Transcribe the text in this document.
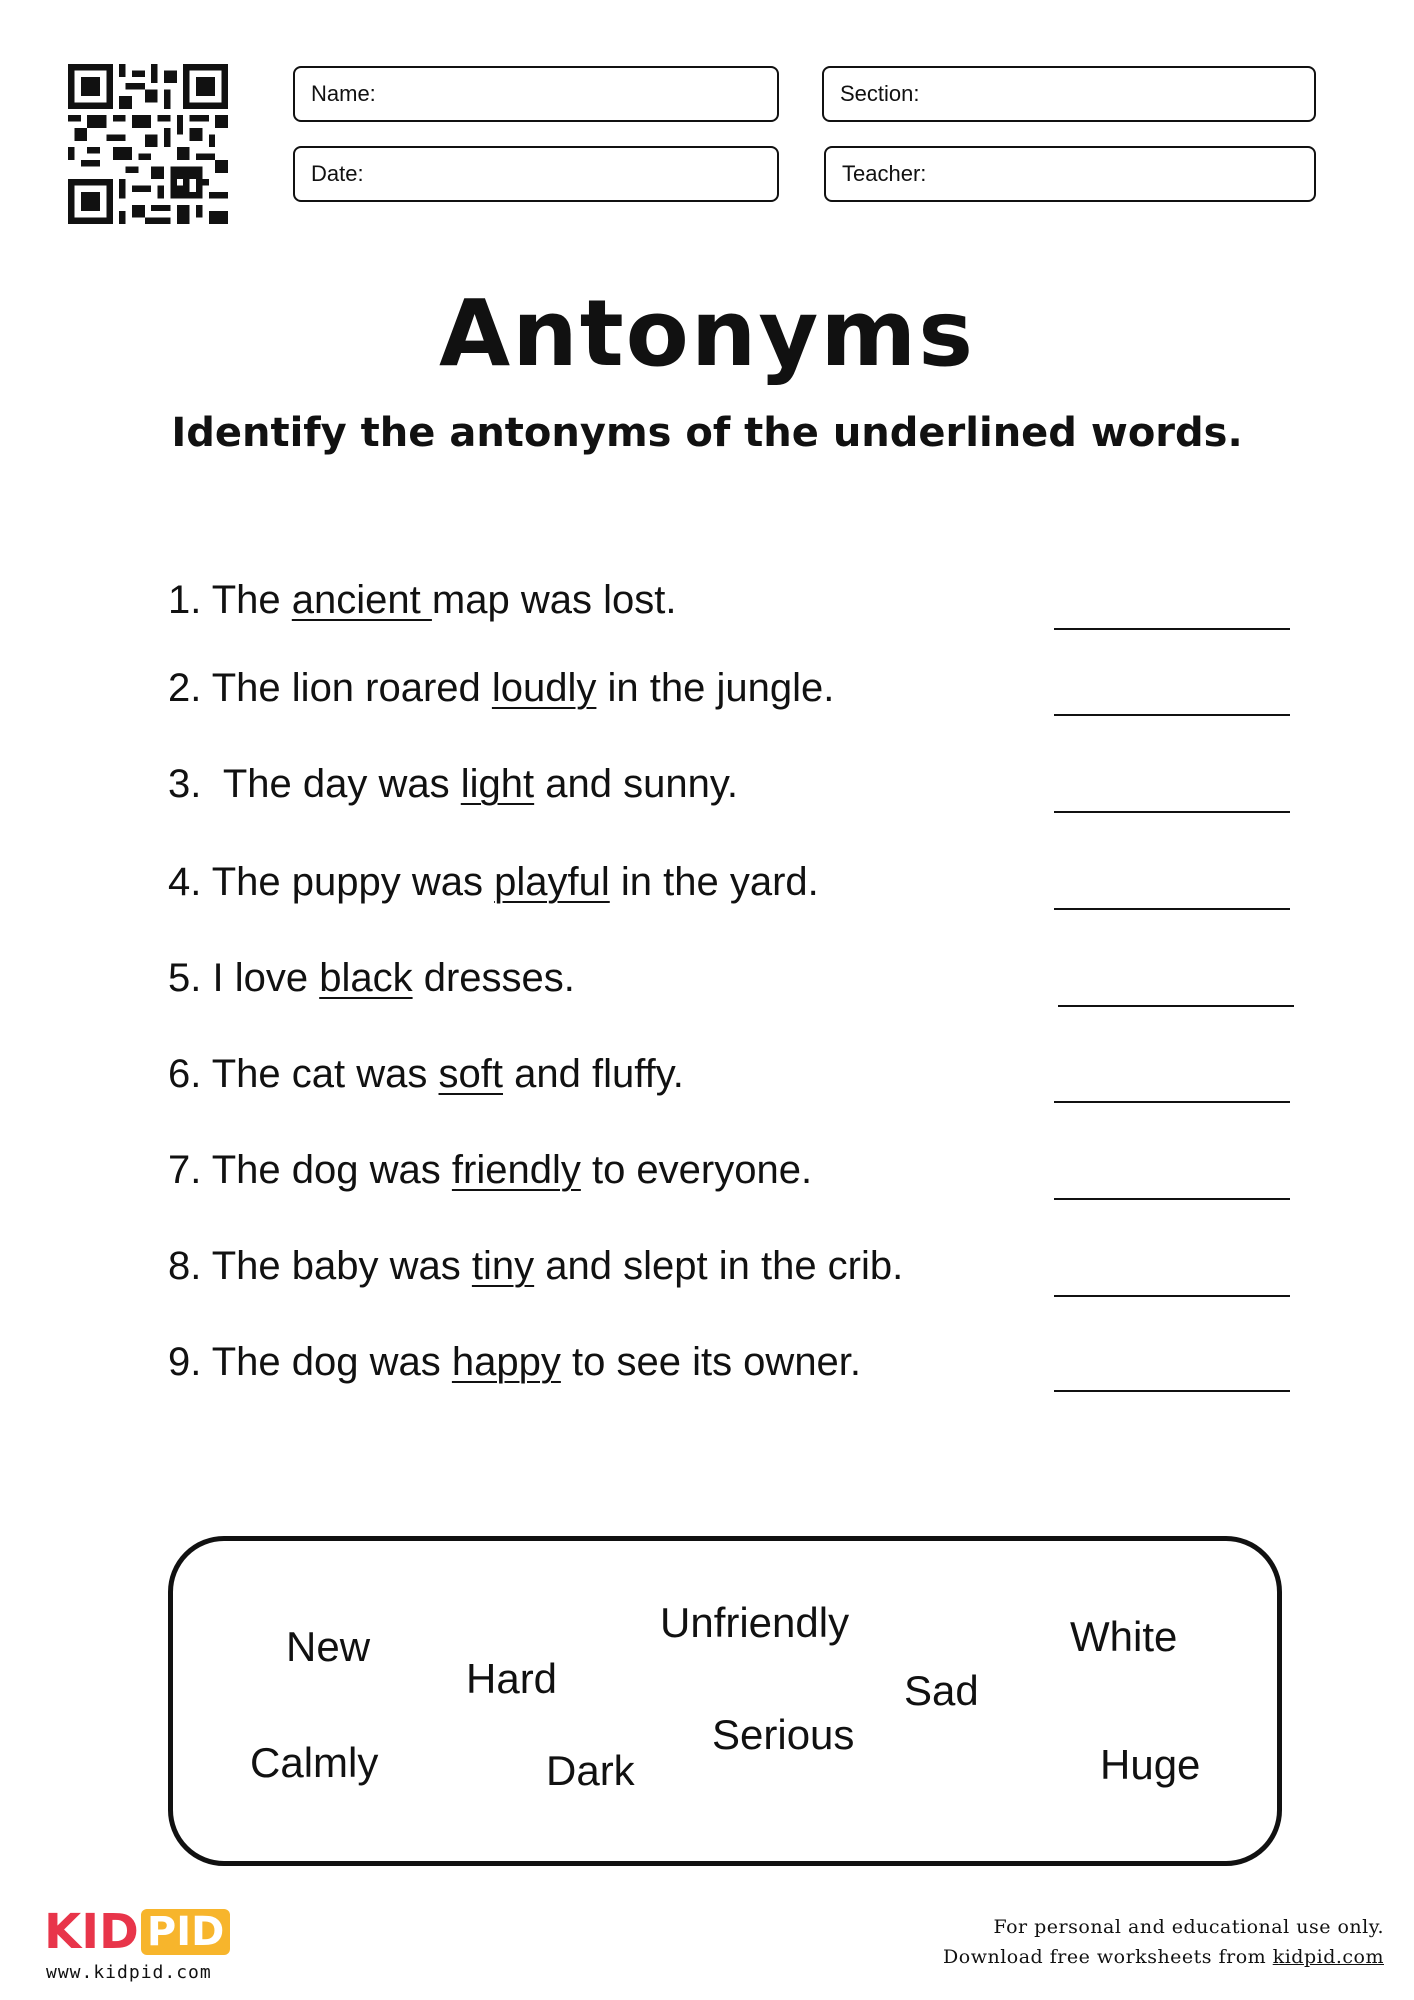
Name:	Section:
Date:	Teacher:
Antonyms
Identify the antonyms of the underlined words.
1. The ancient map was lost.
2. The lion roared loudly in the jungle.
3.  The day was light and sunny.
4. The puppy was playful in the yard.
5. I love black dresses.
6. The cat was soft and fluffy.
7. The dog was friendly to everyone.
8. The baby was tiny and slept in the crib.
9. The dog was happy to see its owner.
New
Hard
Unfriendly
Sad
White
Calmly	Dark
Serious
Huge
KID PID
www.kidpid.com
For personal and educational use only.
Download free worksheets from kidpid.com
